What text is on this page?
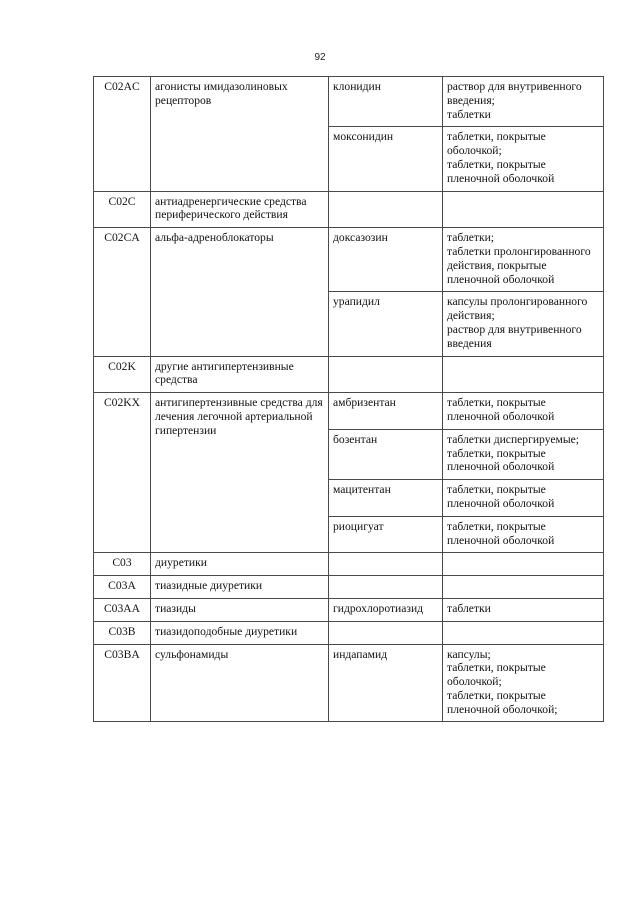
92
C02AC	агонисты имидазолиновых рецепторов	клонидин	раствор для внутривенного введения;
таблетки
		моксонидин	таблетки, покрытые оболочкой;
таблетки, покрытые пленочной оболочкой
C02C	антиадренергические средства периферического действия		
C02CA	альфа-адреноблокаторы	доксазозин	таблетки;
таблетки пролонгированного действия, покрытые пленочной оболочкой
		урапидил	капсулы пролонгированного действия;
раствор для внутривенного введения
C02K	другие антигипертензивные средства		
C02KX	антигипертензивные средства для лечения легочной артериальной гипертензии	амбризентан	таблетки, покрытые пленочной оболочкой
		бозентан	таблетки диспергируемые;
таблетки, покрытые пленочной оболочкой
		мацитентан	таблетки, покрытые пленочной оболочкой
		риоцигуат	таблетки, покрытые пленочной оболочкой
C03	диуретики		
C03A	тиазидные диуретики		
C03AA	тиазиды	гидрохлоротиазид	таблетки
C03B	тиазидоподобные диуретики		
C03BA	сульфонамиды	индапамид	капсулы;
таблетки, покрытые оболочкой;
таблетки, покрытые пленочной оболочкой;
